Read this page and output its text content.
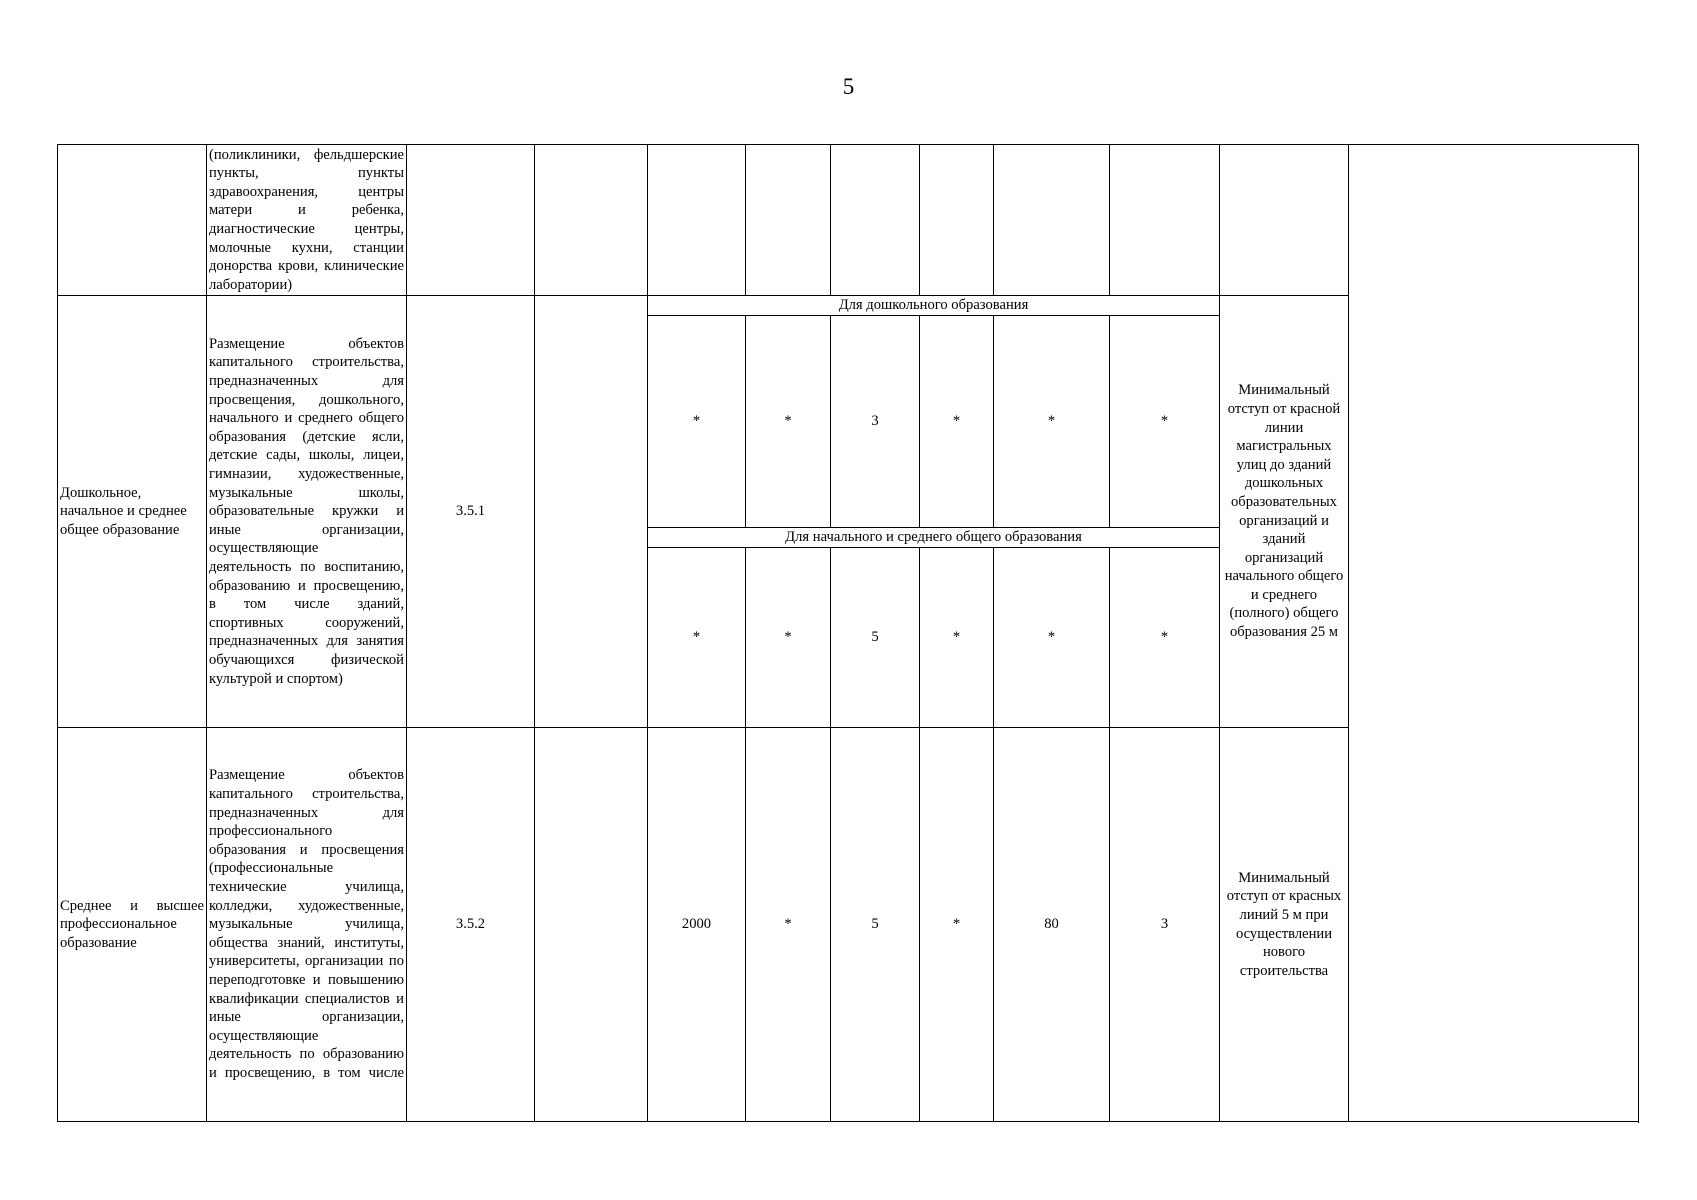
5
	(поликлиники, фельдшерские пункты, пункты здравоохранения, центры матери и ребенка, диагностические центры, молочные кухни, станции донорства крови, клинические лаборатории)										
Дошкольное, начальное и среднее общее образование	Размещение объектов капитального строительства, предназначенных для просвещения, дошкольного, начального и среднего общего образования (детские ясли, детские сады, школы, лицеи, гимназии, художественные, музыкальные школы, образовательные кружки и иные организации, осуществляющие деятельность по воспитанию, образованию и просвещению, в том числе зданий, спортивных сооружений, предназначенных для занятия обучающихся физической культурой и спортом)	3.5.1		Для дошкольного образования						Минимальный отступ от красной линии магистральных улиц до зданий дошкольных образовательных организаций и зданий организаций начального общего и среднего (полного) общего образования 25 м	
				*	*	3	*	*	*		
				Для начального и среднего общего образования							
				*	*	5	*	*	*		

Среднее и высшее профессиональное образование	Размещение объектов капитального строительства, предназначенных для профессионального образования и просвещения (профессиональные технические училища, колледжи, художественные, музыкальные училища, общества знаний, институты, университеты, организации по переподготовке и повышению квалификации специалистов и иные организации, осуществляющие деятельность по образованию и просвещению, в том числе	3.5.2		2000	*	5	*	80	3	Минимальный отступ от красных линий 5 м при осуществлении нового строительства	
